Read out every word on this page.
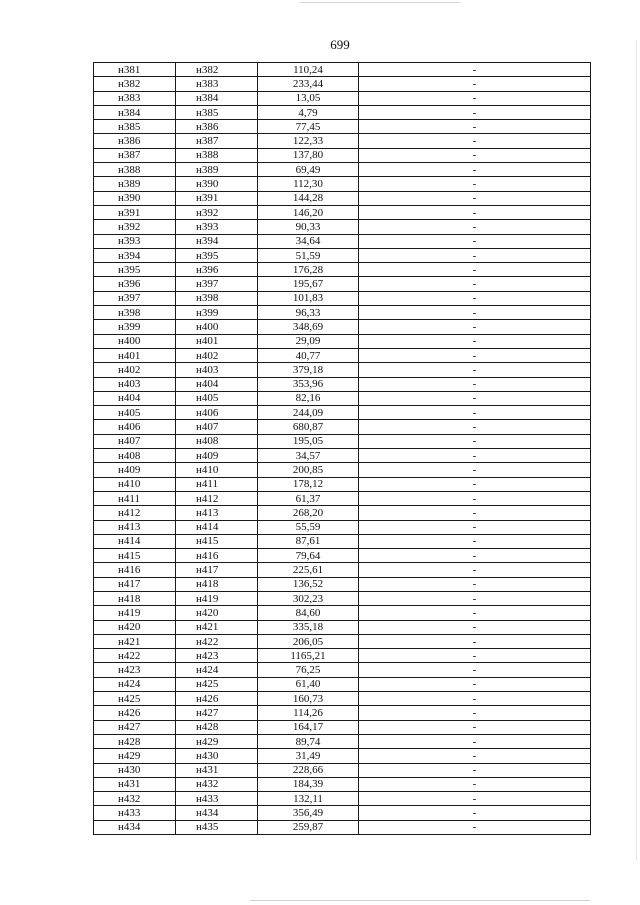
699
н381	н382	110,24	-
н382	н383	233,44	-
н383	н384	13,05	-
н384	н385	4,79	-
н385	н386	77,45	-
н386	н387	122,33	-
н387	н388	137,80	-
н388	н389	69,49	-
н389	н390	112,30	-
н390	н391	144,28	-
н391	н392	146,20	-
н392	н393	90,33	-
н393	н394	34,64	-
н394	н395	51,59	-
н395	н396	176,28	-
н396	н397	195,67	-
н397	н398	101,83	-
н398	н399	96,33	-
н399	н400	348,69	-
н400	н401	29,09	-
н401	н402	40,77	-
н402	н403	379,18	-
н403	н404	353,96	-
н404	н405	82,16	-
н405	н406	244,09	-
н406	н407	680,87	-
н407	н408	195,05	-
н408	н409	34,57	-
н409	н410	200,85	-
н410	н411	178,12	-
н411	н412	61,37	-
н412	н413	268,20	-
н413	н414	55,59	-
н414	н415	87,61	-
н415	н416	79,64	-
н416	н417	225,61	-
н417	н418	136,52	-
н418	н419	302,23	-
н419	н420	84,60	-
н420	н421	335,18	-
н421	н422	206,05	-
н422	н423	1165,21	-
н423	н424	76,25	-
н424	н425	61,40	-
н425	н426	160,73	-
н426	н427	114,26	-
н427	н428	164,17	-
н428	н429	89,74	-
н429	н430	31,49	-
н430	н431	228,66	-
н431	н432	184,39	-
н432	н433	132,11	-
н433	н434	356,49	-
н434	н435	259,87	-
